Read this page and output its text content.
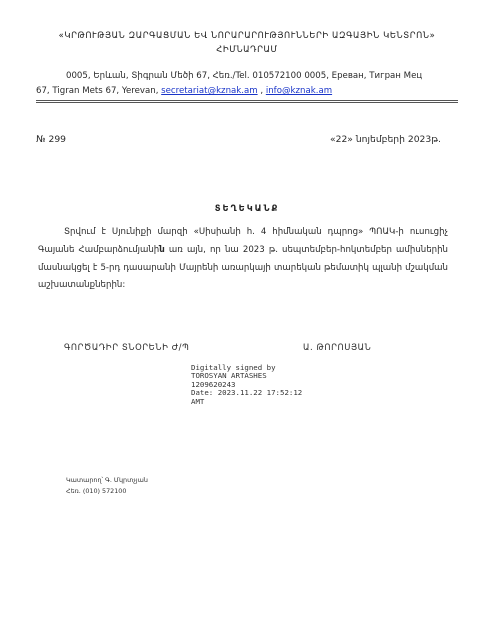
«ԿՐԹՈՒԹՅԱՆ ԶԱՐԳԱՑՄԱՆ ԵՎ ՆՈՐԱՐԱՐՈՒԹՅՈՒՆՆԵՐԻ ԱԶԳԱՅԻՆ ԿԵՆՏՐՈՆ»
ՀԻՄՆԱԴՐԱՄ
0005, Երևան, Տիգրան Մեծի 67, Հեռ./Tel. 010572100 0005, Ереван, Тигран Мец
67, Tigran Mets 67, Yerevan, secretariat@kznak.am , info@kznak.am
№ 299	«22» նոյեմբերի 2023թ.
ՏԵՂԵԿԱՆՔ
Տրվում է Սյունիքի մարզի «Սիսիանի հ. 4 հիմնական դպրոց» ՊՈԱԿ-ի ուսուցիչ Գայանե Համբարձումյանին առ այն, որ նա 2023 թ. սեպտեմբեր-հոկտեմբեր ամիսներին մասնակցել է 5-րդ դասարանի Մայրենի առարկայի տարեկան թեմատիկ պլանի մշակման աշխատանքներին:
ԳՈՐԾԱԴԻՐ ՏՆՕՐԵՆԻ Ժ/Պ	Ա. ԹՈՐՈՍՅԱՆ
Digitally signed by
TOROSYAN ARTASHES
1209620243
Date: 2023.11.22 17:52:12
AMT
Կատարող՝ Գ. Մկրտչյան
Հեռ. (010) 572100
